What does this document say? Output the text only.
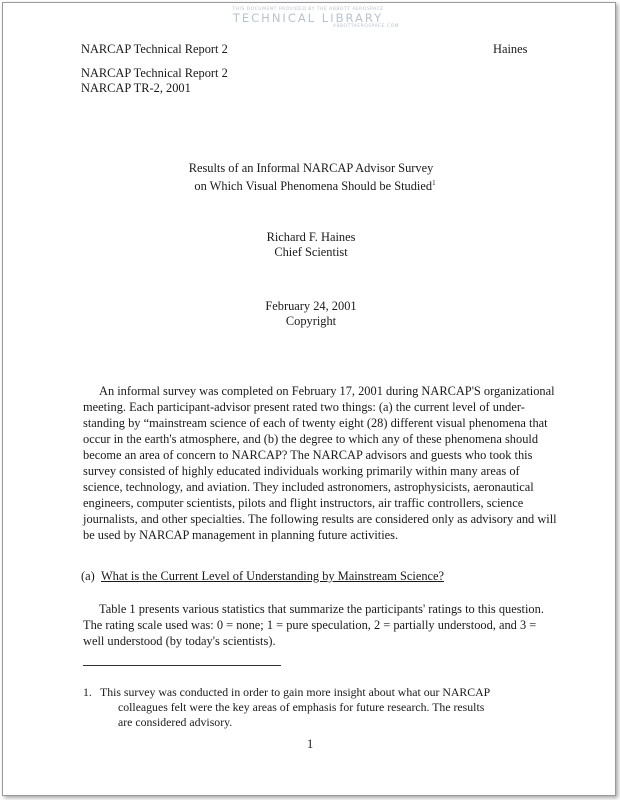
THIS DOCUMENT PROVIDED BY THE ABBOTT AEROSPACE
TECHNICAL LIBRARY
ABBOTTAEROSPACE.COM
NARCAP Technical Report 2	Haines
NARCAP Technical Report 2
NARCAP TR-2, 2001
Results of an Informal NARCAP Advisor Survey
on Which Visual Phenomena Should be Studied$^1$
Richard F. Haines
Chief Scientist
February 24, 2001
Copyright
An informal survey was completed on February 17, 2001 during NARCAP'S organizational
meeting. Each participant-advisor present rated two things: (a) the current level of under-
standing by “mainstream science of each of twenty eight (28) different visual phenomena that
occur in the earth's atmosphere, and (b) the degree to which any of these phenomena should
become an area of concern to NARCAP? The NARCAP advisors and guests who took this
survey consisted of highly educated individuals working primarily within many areas of
science, technology, and aviation. They included astronomers, astrophysicists, aeronautical
engineers, computer scientists, pilots and flight instructors, air traffic controllers, science
journalists, and other specialties. The following results are considered only as advisory and will
be used by NARCAP management in planning future activities.
(a) What is the Current Level of Understanding by Mainstream Science?
Table 1 presents various statistics that summarize the participants' ratings to this question.
The rating scale used was: 0 = none; 1 = pure speculation, 2 = partially understood, and 3 =
well understood (by today's scientists).
1. This survey was conducted in order to gain more insight about what our NARCAP
colleagues felt were the key areas of emphasis for future research. The results
are considered advisory.
1
